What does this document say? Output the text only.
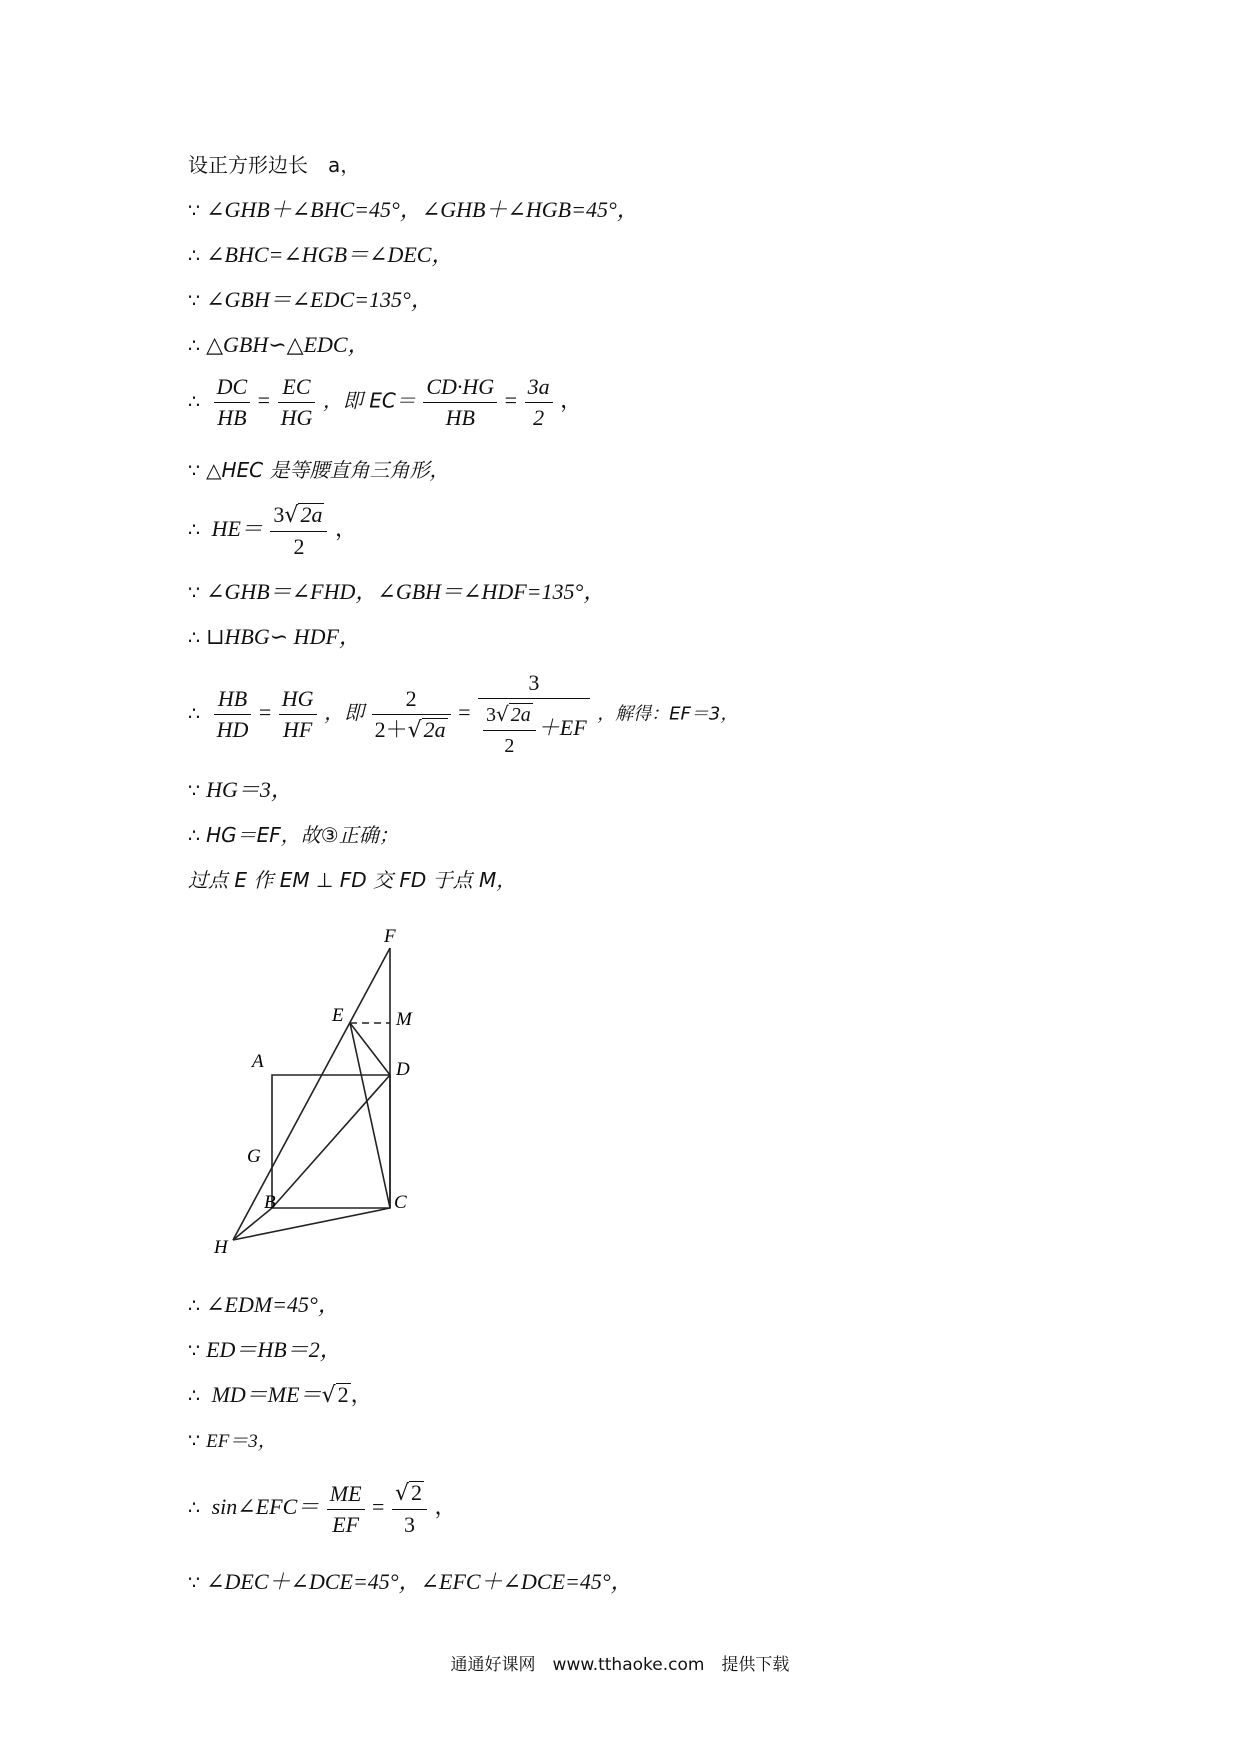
设正方形边长　a，
∵ ∠GHB＋∠BHC=45°，∠GHB＋∠HGB=45°，
∴ ∠BHC=∠HGB＝∠DEC，
∵ ∠GBH＝∠EDC=135°，
∴ △GBH∽△EDC，
∴ $\frac{DC}{HB} = \frac{EC}{HG}$ ，即 $EC= \frac{CD\cdot HG}{HB} = \frac{3a}{2}$ ，
∵ △HEC 是等腰直角三角形，
∴ $HE= \frac{3√2a}{2}$ ，
∵ ∠GHB＝∠FHD，∠GBH＝∠HDF=135°，
∴ ⊔HBG∽ HDF，
∴ $\frac{HB}{HD} = \frac{HG}{HF}$ ，即 $\frac{2}{2+√2a} = \frac{3}{\frac{3√ 2a}{2} +EF}$ ，解得：EF＝3，
∵ HG＝3，
∴ HG＝EF，故③正确；
过点 E 作 EM ⊥ FD 交 FD 于点 M，
F
E	M
A	D
G
B	C
H
∴ ∠EDM=45°，
∵ ED＝HB＝2，
∴ MD＝ME＝√2，
∵ EF＝3，
∴ sin∠EFC＝ $\frac{ME}{EF} = \frac{√2}{3}$ ，
∵ ∠DEC＋∠DCE=45°，∠EFC＋∠DCE=45°，
通通好课网　www.tthaoke.com　提供下载
